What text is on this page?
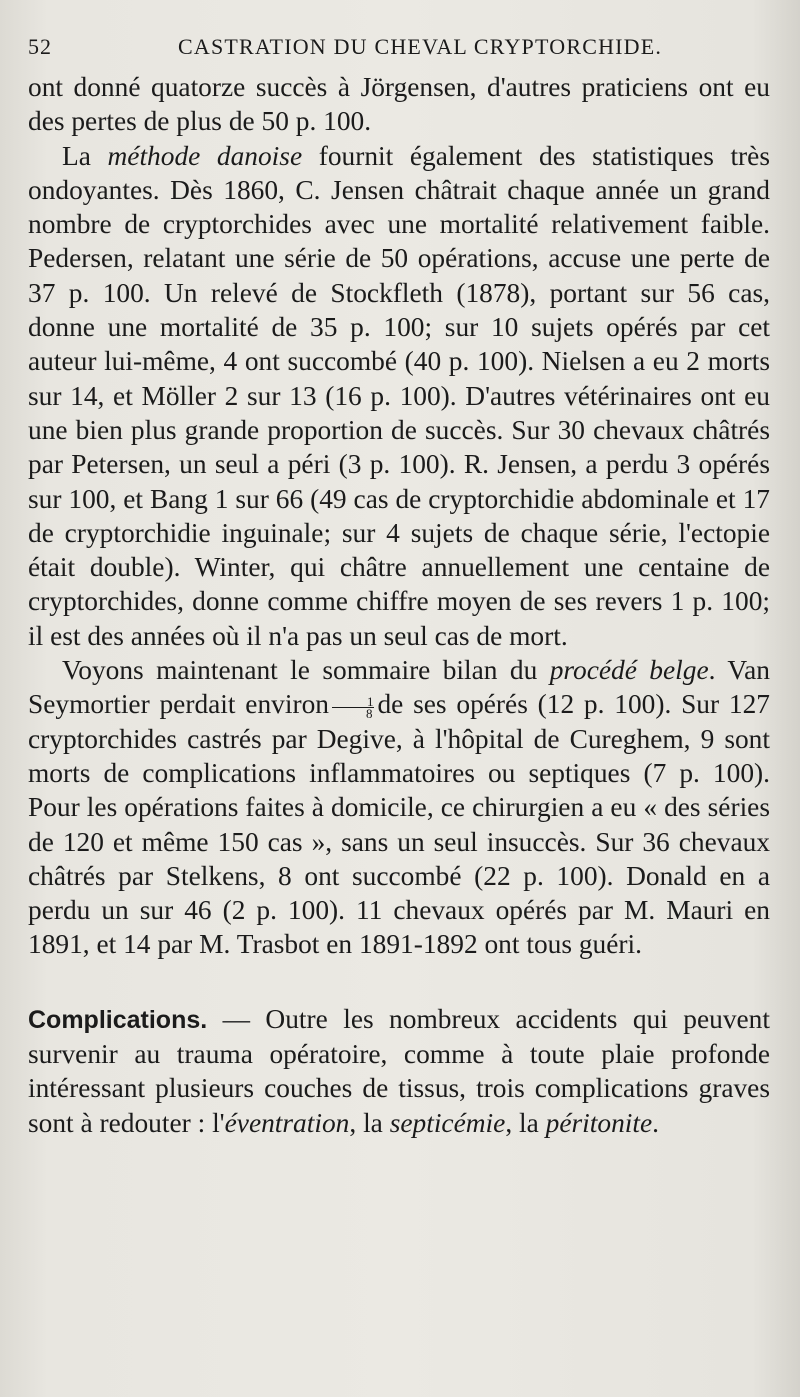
52	CASTRATION DU CHEVAL CRYPTORCHIDE.

ont donné quatorze succès à Jörgensen, d'autres praticiens ont eu des pertes de plus de 50 p. 100.

La méthode danoise fournit également des statistiques très ondoyantes. Dès 1860, C. Jensen châtrait chaque année un grand nombre de cryptorchides avec une mortalité relativement faible. Pedersen, relatant une série de 50 opérations, accuse une perte de 37 p. 100. Un relevé de Stockfleth (1878), portant sur 56 cas, donne une mortalité de 35 p. 100; sur 10 sujets opérés par cet auteur lui-même, 4 ont succombé (40 p. 100). Nielsen a eu 2 morts sur 14, et Möller 2 sur 13 (16 p. 100). D'autres vétérinaires ont eu une bien plus grande proportion de succès. Sur 30 chevaux châtrés par Petersen, un seul a péri (3 p. 100). R. Jensen, a perdu 3 opérés sur 100, et Bang 1 sur 66 (49 cas de cryptorchidie abdominale et 17 de cryptorchidie inguinale; sur 4 sujets de chaque série, l'ectopie était double). Winter, qui châtre annuellement une centaine de cryptorchides, donne comme chiffre moyen de ses revers 1 p. 100; il est des années où il n'a pas un seul cas de mort.

Voyons maintenant le sommaire bilan du procédé belge. Van Seymortier perdait environ $\frac{1}{8}$ de ses opérés (12 p. 100). Sur 127 cryptorchides castrés par Degive, à l'hôpital de Cureghem, 9 sont morts de complications inflammatoires ou septiques (7 p. 100). Pour les opérations faites à domicile, ce chirurgien a eu « des séries de 120 et même 150 cas », sans un seul insuccès. Sur 36 chevaux châtrés par Stelkens, 8 ont succombé (22 p. 100). Donald en a perdu un sur 46 (2 p. 100). 11 chevaux opérés par M. Mauri en 1891, et 14 par M. Trasbot en 1891-1892 ont tous guéri.

Complications. — Outre les nombreux accidents qui peuvent survenir au trauma opératoire, comme à toute plaie profonde intéressant plusieurs couches de tissus, trois complications graves sont à redouter : l'éventration, la septicémie, la péritonite.
